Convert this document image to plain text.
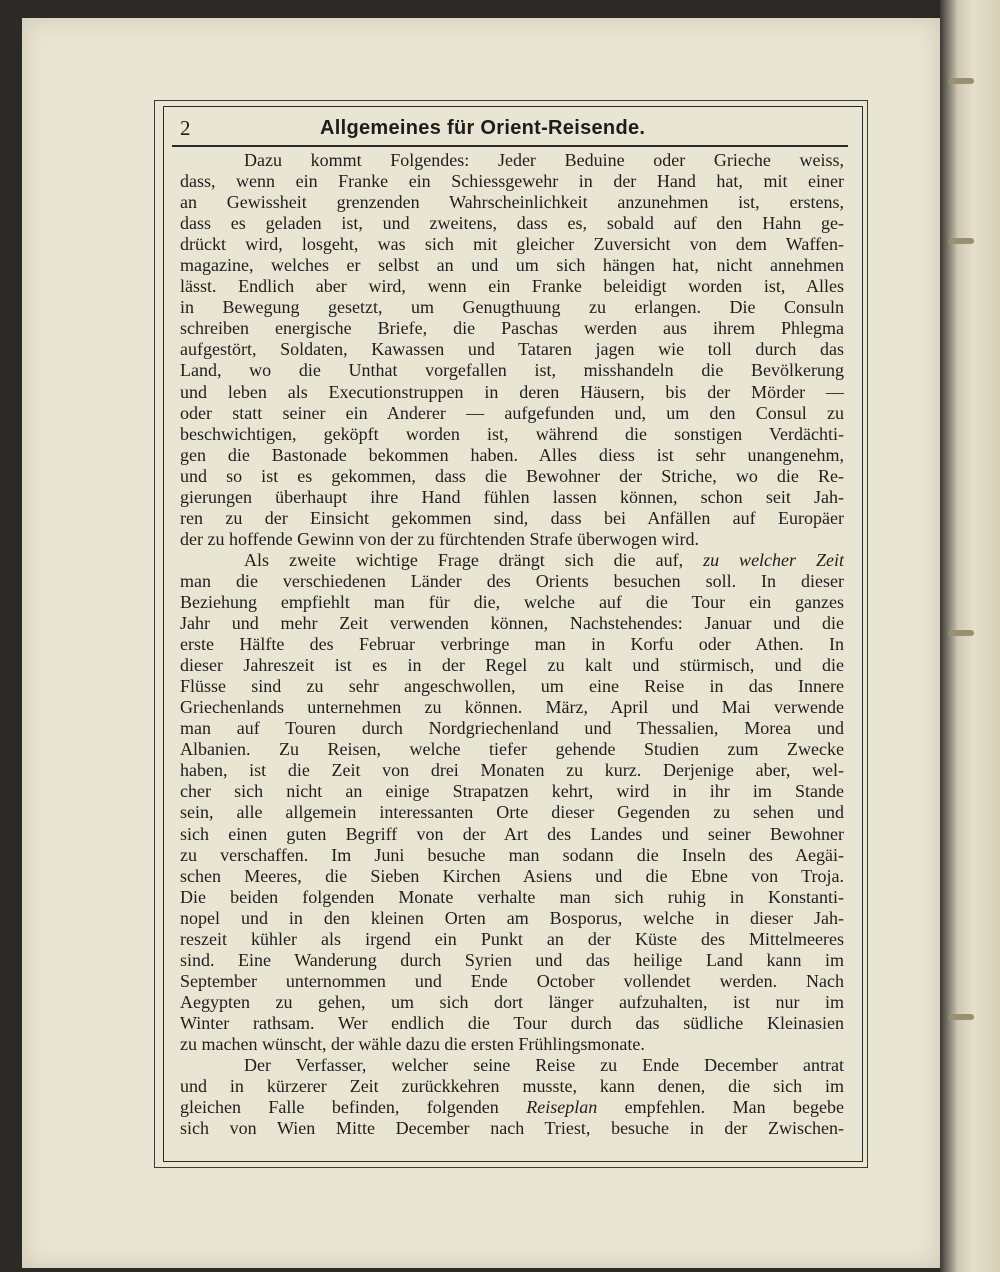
2	Allgemeines für Orient-Reisende.
Dazu kommt Folgendes: Jeder Beduine oder Grieche weiss,
dass, wenn ein Franke ein Schiessgewehr in der Hand hat, mit einer
an Gewissheit grenzenden Wahrscheinlichkeit anzunehmen ist, erstens,
dass es geladen ist, und zweitens, dass es, sobald auf den Hahn ge-
drückt wird, losgeht, was sich mit gleicher Zuversicht von dem Waffen-
magazine, welches er selbst an und um sich hängen hat, nicht annehmen
lässt. Endlich aber wird, wenn ein Franke beleidigt worden ist, Alles
in Bewegung gesetzt, um Genugthuung zu erlangen. Die Consuln
schreiben energische Briefe, die Paschas werden aus ihrem Phlegma
aufgestört, Soldaten, Kawassen und Tataren jagen wie toll durch das
Land, wo die Unthat vorgefallen ist, misshandeln die Bevölkerung
und leben als Executionstruppen in deren Häusern, bis der Mörder —
oder statt seiner ein Anderer — aufgefunden und, um den Consul zu
beschwichtigen, geköpft worden ist, während die sonstigen Verdächti-
gen die Bastonade bekommen haben. Alles diess ist sehr unangenehm,
und so ist es gekommen, dass die Bewohner der Striche, wo die Re-
gierungen überhaupt ihre Hand fühlen lassen können, schon seit Jah-
ren zu der Einsicht gekommen sind, dass bei Anfällen auf Europäer
der zu hoffende Gewinn von der zu fürchtenden Strafe überwogen wird.
Als zweite wichtige Frage drängt sich die auf, zu welcher Zeit
man die verschiedenen Länder des Orients besuchen soll. In dieser
Beziehung empfiehlt man für die, welche auf die Tour ein ganzes
Jahr und mehr Zeit verwenden können, Nachstehendes: Januar und die
erste Hälfte des Februar verbringe man in Korfu oder Athen. In
dieser Jahreszeit ist es in der Regel zu kalt und stürmisch, und die
Flüsse sind zu sehr angeschwollen, um eine Reise in das Innere
Griechenlands unternehmen zu können. März, April und Mai verwende
man auf Touren durch Nordgriechenland und Thessalien, Morea und
Albanien. Zu Reisen, welche tiefer gehende Studien zum Zwecke
haben, ist die Zeit von drei Monaten zu kurz. Derjenige aber, wel-
cher sich nicht an einige Strapatzen kehrt, wird in ihr im Stande
sein, alle allgemein interessanten Orte dieser Gegenden zu sehen und
sich einen guten Begriff von der Art des Landes und seiner Bewohner
zu verschaffen. Im Juni besuche man sodann die Inseln des Aegäi-
schen Meeres, die Sieben Kirchen Asiens und die Ebne von Troja.
Die beiden folgenden Monate verhalte man sich ruhig in Konstanti-
nopel und in den kleinen Orten am Bosporus, welche in dieser Jah-
reszeit kühler als irgend ein Punkt an der Küste des Mittelmeeres
sind. Eine Wanderung durch Syrien und das heilige Land kann im
September unternommen und Ende October vollendet werden. Nach
Aegypten zu gehen, um sich dort länger aufzuhalten, ist nur im
Winter rathsam. Wer endlich die Tour durch das südliche Kleinasien
zu machen wünscht, der wähle dazu die ersten Frühlingsmonate.
Der Verfasser, welcher seine Reise zu Ende December antrat
und in kürzerer Zeit zurückkehren musste, kann denen, die sich im
gleichen Falle befinden, folgenden Reiseplan empfehlen. Man begebe
sich von Wien Mitte December nach Triest, besuche in der Zwischen-
